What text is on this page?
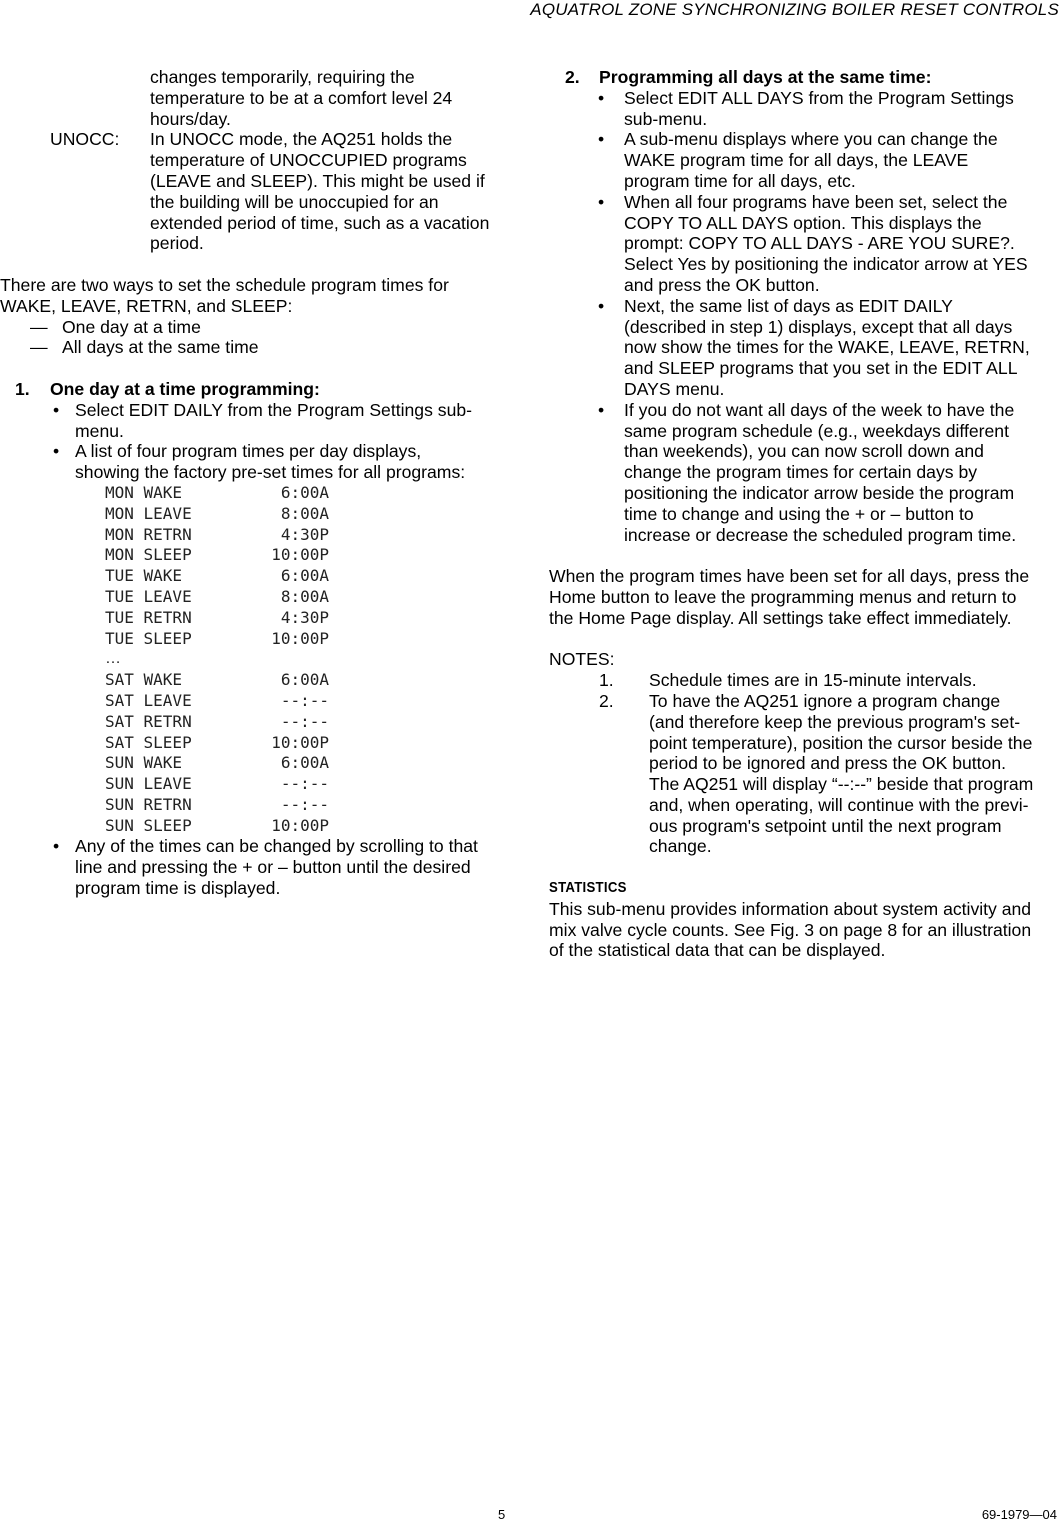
AQUATROL ZONE SYNCHRONIZING BOILER RESET CONTROLS
changes temporarily, requiring the
temperature to be at a comfort level 24
hours/day.
UNOCC:	In UNOCC mode, the AQ251 holds the
temperature of UNOCCUPIED programs
(LEAVE and SLEEP). This might be used if
the building will be unoccupied for an
extended period of time, such as a vacation
period.

There are two ways to set the schedule program times for
WAKE, LEAVE, RETRN, and SLEEP:

— One day at a time
— All days at the same time
1.	One day at a time programming:
• Select EDIT DAILY from the Program Settings sub-
menu.
• A list of four program times per day displays,
showing the factory pre-set times for all programs:
MON WAKE	6:00A
MON LEAVE	8:00A
MON RETRN	4:30P
MON SLEEP	10:00P
TUE WAKE	6:00A
TUE LEAVE	8:00A
TUE RETRN	4:30P
TUE SLEEP	10:00P
…
SAT WAKE	6:00A
SAT LEAVE	--:--
SAT RETRN	--:--
SAT SLEEP	10:00P
SUN WAKE	6:00A
SUN LEAVE	--:--
SUN RETRN	--:--
SUN SLEEP	10:00P
• Any of the times can be changed by scrolling to that
line and pressing the + or – button until the desired
program time is displayed.
2.	Programming all days at the same time:
•	Select EDIT ALL DAYS from the Program Settings
sub-menu.
•	A sub-menu displays where you can change the
WAKE program time for all days, the LEAVE
program time for all days, etc.
•	When all four programs have been set, select the
COPY TO ALL DAYS option. This displays the
prompt: COPY TO ALL DAYS - ARE YOU SURE?.
Select Yes by positioning the indicator arrow at YES
and press the OK button.
•	Next, the same list of days as EDIT DAILY
(described in step 1) displays, except that all days
now show the times for the WAKE, LEAVE, RETRN,
and SLEEP programs that you set in the EDIT ALL
DAYS menu.
•	If you do not want all days of the week to have the
same program schedule (e.g., weekdays different
than weekends), you can now scroll down and
change the program times for certain days by
positioning the indicator arrow beside the program
time to change and using the + or – button to
increase or decrease the scheduled program time.

When the program times have been set for all days, press the
Home button to leave the programming menus and return to
the Home Page display. All settings take effect immediately.

NOTES:

1.	Schedule times are in 15-minute intervals.
2.	To have the AQ251 ignore a program change
(and therefore keep the previous program's set-
point temperature), position the cursor beside the
period to be ignored and press the OK button.
The AQ251 will display “--:--” beside that program
and, when operating, will continue with the previ-
ous program's setpoint until the next program
change.
STATISTICS

This sub-menu provides information about system activity and
mix valve cycle counts. See Fig. 3 on page 8 for an illustration
of the statistical data that can be displayed.

5	69-1979—04
